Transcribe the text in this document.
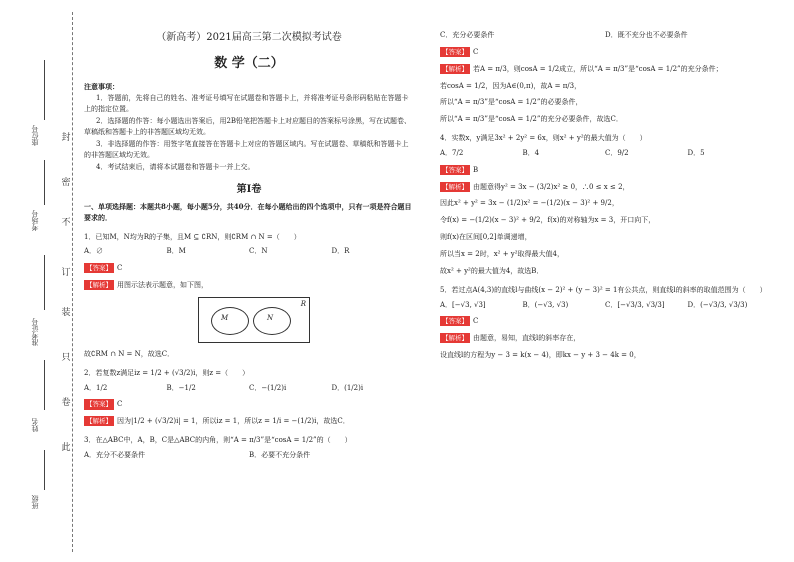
封
密
不
订
装
只
卷
此
座位号
考场号
准考证号
姓名
班级
（新高考）2021届高三第二次模拟考试卷
数 学（二）
注意事项：
1．答题前，先将自己的姓名、准考证号填写在试题卷和答题卡上，并将准考证号条形码粘贴在答题卡上的指定位置。
2．选择题的作答：每小题选出答案后，用2B铅笔把答题卡上对应题目的答案标号涂黑，写在试题卷、草稿纸和答题卡上的非答题区域均无效。
3．非选择题的作答：用签字笔直接答在答题卡上对应的答题区域内。写在试题卷、草稿纸和答题卡上的非答题区域均无效。
4．考试结束后，请将本试题卷和答题卡一并上交。
第Ⅰ卷
一、单项选择题：本题共8小题，每小题5分，共40分．在每小题给出的四个选项中，只有一项是符合题目要求的．
1．已知M，N均为R的子集，且M ⊆ ∁RN，则∁RM ∩ N =（　　）
A．∅	B．M	C．N	D．R
【答案】 C
【解析】 用图示法表示题意，如下图，
M	N
R
故∁RM ∩ N = N，故选C．
2．若复数z满足iz = 1/2 + (√3/2)i，则z =（　　）
A．1/2	B．−1/2	C．−(1/2)i	D．(1/2)i
【答案】 C
【解析】 因为|1/2 + (√3/2)i| = 1，所以iz = 1，所以z = 1/i = −(1/2)i，故选C．
3．在△ABC中，A，B，C是△ABC的内角，则“A = π/3”是“cosA = 1/2”的（　　）
A．充分不必要条件	B．必要不充分条件
C．充分必要条件	D．既不充分也不必要条件
【答案】 C
【解析】 若A = π/3，则cosA = 1/2成立，所以“A = π/3”是“cosA = 1/2”的充分条件；
若cosA = 1/2，因为A∈(0,π)，故A = π/3，
所以“A = π/3”是“cosA = 1/2”的必要条件，
所以“A = π/3”是“cosA = 1/2”的充分必要条件，故选C．
4．实数x，y满足3x² + 2y² = 6x，则x² + y²的最大值为（　　）
A．7/2	B．4	C．9/2	D．5
【答案】 B
【解析】 由题意得y² = 3x − (3/2)x² ≥ 0，∴0 ≤ x ≤ 2，
因此x² + y² = 3x − (1/2)x² = −(1/2)(x − 3)² + 9/2，
令f(x) = −(1/2)(x − 3)² + 9/2，f(x)的对称轴为x = 3，开口向下，
则f(x)在区间[0,2]单调递增，
所以当x = 2时，x² + y²取得最大值4，
故x² + y²的最大值为4，故选B．
5．若过点A(4,3)的直线l与曲线(x − 2)² + (y − 3)² = 1有公共点，则直线l的斜率的取值范围为（　　）
A．[−√3, √3]	B．(−√3, √3)	C．[−√3/3, √3/3]	D．(−√3/3, √3/3)
【答案】 C
【解析】 由题意，易知，直线l的斜率存在，
设直线l的方程为y − 3 = k(x − 4)，即kx − y + 3 − 4k = 0，
